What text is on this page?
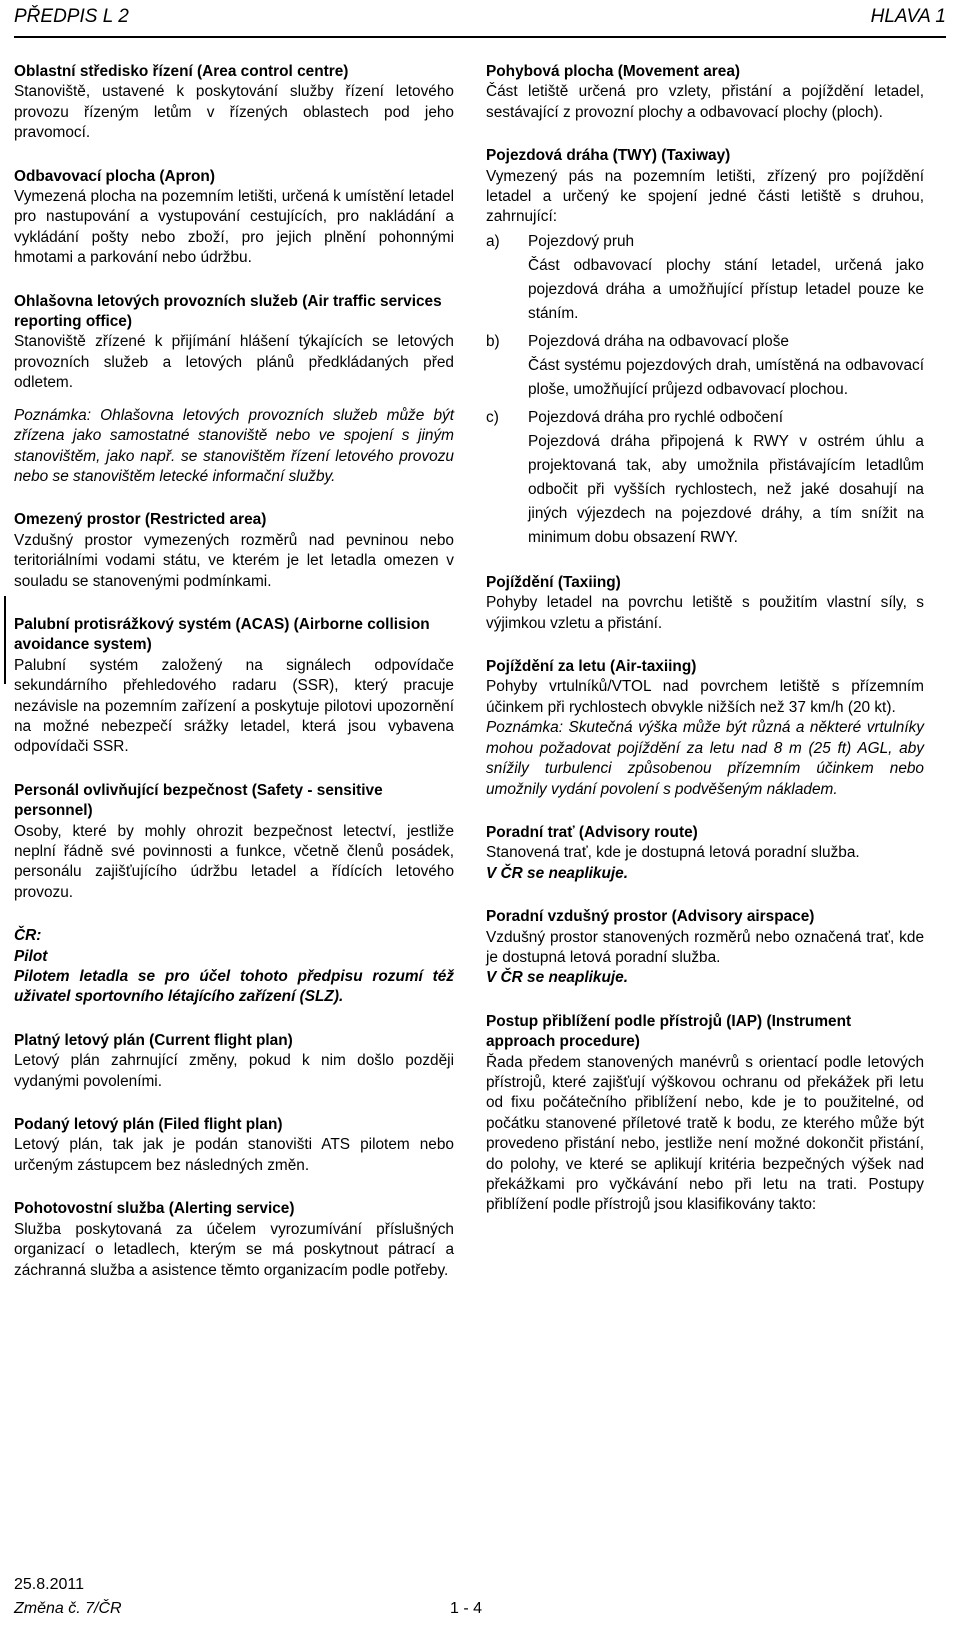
PŘEDPIS L 2	HLAVA 1

Oblastní středisko řízení (Area control centre)

Stanoviště, ustavené k poskytování služby řízení letového provozu řízeným letům v řízených oblastech pod jeho pravomocí.

Odbavovací plocha (Apron)

Vymezená plocha na pozemním letišti, určená k umístění letadel pro nastupování a vystupování cestujících, pro nakládání a vykládání pošty nebo zboží, pro jejich plnění pohonnými hmotami a parkování nebo údržbu.

Ohlašovna letových provozních služeb (Air traffic services reporting office)

Stanoviště zřízené k přijímání hlášení týkajících se letových provozních služeb a letových plánů předkládaných před odletem.

Poznámka: Ohlašovna letových provozních služeb může být zřízena jako samostatné stanoviště nebo ve spojení s jiným stanovištěm, jako např. se stanovištěm řízení letového provozu nebo se stanovištěm letecké informační služby.

Omezený prostor (Restricted area)

Vzdušný prostor vymezených rozměrů nad pevninou nebo teritoriálními vodami státu, ve kterém je let letadla omezen v souladu se stanovenými podmínkami.

Palubní protisrážkový systém (ACAS) (Airborne collision avoidance system)

Palubní systém založený na signálech odpovídače sekundárního přehledového radaru (SSR), který pracuje nezávisle na pozemním zařízení a poskytuje pilotovi upozornění na možné nebezpečí srážky letadel, která jsou vybavena odpovídači SSR.

Personál ovlivňující bezpečnost (Safety - sensitive personnel)

Osoby, které by mohly ohrozit bezpečnost letectví, jestliže neplní řádně své povinnosti a funkce, včetně členů posádek, personálu zajišťujícího údržbu letadel a řídících letového provozu.

ČR:

Pilot

Pilotem letadla se pro účel tohoto předpisu rozumí též uživatel sportovního létajícího zařízení (SLZ).

Platný letový plán (Current flight plan)

Letový plán zahrnující změny, pokud k nim došlo později vydanými povoleními.

Podaný letový plán (Filed flight plan)

Letový plán, tak jak je podán stanovišti ATS pilotem nebo určeným zástupcem bez následných změn.

Pohotovostní služba (Alerting service)

Služba poskytovaná za účelem vyrozumívání příslušných organizací o letadlech, kterým se má poskytnout pátrací a záchranná služba a asistence těmto organizacím podle potřeby.

Pohybová plocha (Movement area)

Část letiště určená pro vzlety, přistání a pojíždění letadel, sestávající z provozní plochy a odbavovací plochy (ploch).

Pojezdová dráha (TWY) (Taxiway)

Vymezený pás na pozemním letišti, zřízený pro pojíždění letadel a určený ke spojení jedné části letiště s druhou, zahrnující:

a)	Pojezdový pruh

Část odbavovací plochy stání letadel, určená jako pojezdová dráha a umožňující přístup letadel pouze ke stáním.

b)	Pojezdová dráha na odbavovací ploše

Část systému pojezdových drah, umístěná na odbavovací ploše, umožňující průjezd odbavovací plochou.

c)	Pojezdová dráha pro rychlé odbočení

Pojezdová dráha připojená k RWY v ostrém úhlu a projektovaná tak, aby umožnila přistávajícím letadlům odbočit při vyšších rychlostech, než jaké dosahují na jiných výjezdech na pojezdové dráhy, a tím snížit na minimum dobu obsazení RWY.

Pojíždění (Taxiing)

Pohyby letadel na povrchu letiště s použitím vlastní síly, s výjimkou vzletu a přistání.

Pojíždění za letu (Air-taxiing)

Pohyby vrtulníků/VTOL nad povrchem letiště s přízemním účinkem při rychlostech obvykle nižších než 37 km/h (20 kt).

Poznámka: Skutečná výška může být různá a některé vrtulníky mohou požadovat pojíždění za letu nad 8 m (25 ft) AGL, aby snížily turbulenci způsobenou přízemním účinkem nebo umožnily vydání povolení s podvěšeným nákladem.

Poradní trať (Advisory route)

Stanovená trať, kde je dostupná letová poradní služba.

V ČR se neaplikuje.

Poradní vzdušný prostor (Advisory airspace)

Vzdušný prostor stanovených rozměrů nebo označená trať, kde je dostupná letová poradní služba.

V ČR se neaplikuje.

Postup přiblížení podle přístrojů (IAP) (Instrument approach procedure)

Řada předem stanovených manévrů s orientací podle letových přístrojů, které zajišťují výškovou ochranu od překážek při letu od fixu počátečního přiblížení nebo, kde je to použitelné, od počátku stanovené příletové tratě k bodu, ze kterého může být provedeno přistání nebo, jestliže není možné dokončit přistání, do polohy, ve které se aplikují kritéria bezpečných výšek nad překážkami pro vyčkávání nebo při letu na trati. Postupy přiblížení podle přístrojů jsou klasifikovány takto:

25.8.2011
Změna č. 7/ČR	1 - 4
